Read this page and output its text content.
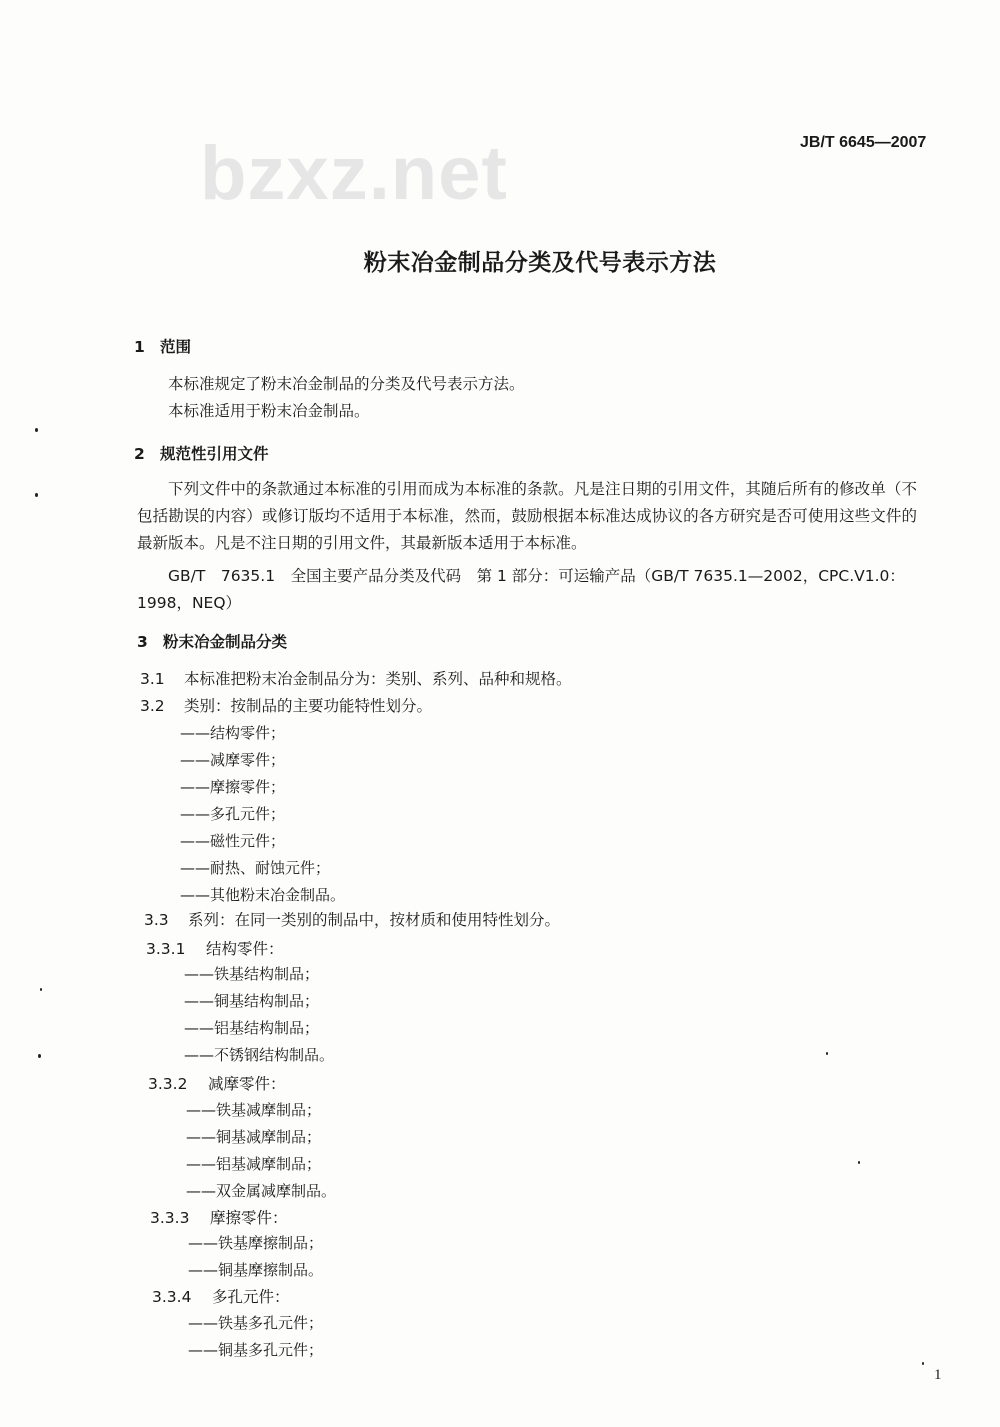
bzxz.net	JB/T 6645—2007
粉末冶金制品分类及代号表示方法
1 范围
本标准规定了粉末冶金制品的分类及代号表示方法。
本标准适用于粉末冶金制品。
2 规范性引用文件
下列文件中的条款通过本标准的引用而成为本标准的条款。凡是注日期的引用文件，其随后所有的修改单（不包括勘误的内容）或修订版均不适用于本标准，然而，鼓励根据本标准达成协议的各方研究是否可使用这些文件的最新版本。凡是不注日期的引用文件，其最新版本适用于本标准。
GB/T　7635.1　全国主要产品分类及代码　第 1 部分：可运输产品（GB/T 7635.1—2002，CPC.V1.0：
1998，NEQ）
3 粉末冶金制品分类
3.1 本标准把粉末冶金制品分为：类别、系列、品种和规格。
3.2 类别：按制品的主要功能特性划分。
——结构零件；
——减摩零件；
——摩擦零件；
——多孔元件；
——磁性元件；
——耐热、耐蚀元件；
——其他粉末冶金制品。
3.3 系列：在同一类别的制品中，按材质和使用特性划分。
3.3.1 结构零件：
——铁基结构制品；
——铜基结构制品；
——铝基结构制品；
——不锈钢结构制品。
3.3.2 减摩零件：
——铁基减摩制品；
——铜基减摩制品；
——铝基减摩制品；
——双金属减摩制品。
3.3.3 摩擦零件：
——铁基摩擦制品；
——铜基摩擦制品。
3.3.4 多孔元件：
——铁基多孔元件；
——铜基多孔元件；
1
